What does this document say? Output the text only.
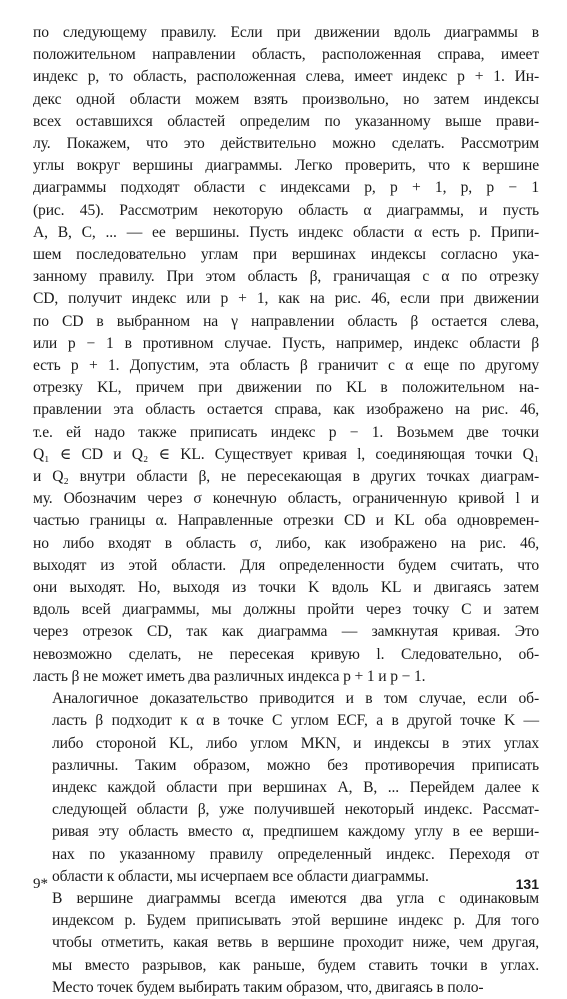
по следующему правилу. Если при движении вдоль диаграммы в
положительном направлении область, расположенная справа, имеет
индекс p, то область, расположенная слева, имеет индекс p + 1. Ин-
декс одной области можем взять произвольно, но затем индексы
всех оставшихся областей определим по указанному выше прави-
лу. Покажем, что это действительно можно сделать. Рассмотрим
углы вокруг вершины диаграммы. Легко проверить, что к вершине
диаграммы подходят области с индексами p, p + 1, p, p − 1
(рис. 45). Рассмотрим некоторую область α диаграммы, и пусть
A, B, C, ... — ее вершины. Пусть индекс области α есть p. Припи-
шем последовательно углам при вершинах индексы согласно ука-
занному правилу. При этом область β, граничащая с α по отрезку
CD, получит индекс или p + 1, как на рис. 46, если при движении
по CD в выбранном на γ направлении область β остается слева,
или p − 1 в противном случае. Пусть, например, индекс области β
есть p + 1. Допустим, эта область β граничит с α еще по другому
отрезку KL, причем при движении по KL в положительном на-
правлении эта область остается справа, как изображено на рис. 46,
т.е. ей надо также приписать индекс p − 1. Возьмем две точки
Q₁ ∈ CD и Q₂ ∈ KL. Существует кривая l, соединяющая точки Q₁
и Q₂ внутри области β, не пересекающая в других точках диаграм-
му. Обозначим через σ конечную область, ограниченную кривой l и
частью границы α. Направленные отрезки CD и KL оба одновремен-
но либо входят в область σ, либо, как изображено на рис. 46,
выходят из этой области. Для определенности будем считать, что
они выходят. Но, выходя из точки K вдоль KL и двигаясь затем
вдоль всей диаграммы, мы должны пройти через точку C и затем
через отрезок CD, так как диаграмма — замкнутая кривая. Это
невозможно сделать, не пересекая кривую l. Следовательно, об-
ласть β не может иметь два различных индекса p + 1 и p − 1.

Аналогичное доказательство приводится и в том случае, если об-
ласть β подходит к α в точке C углом ECF, а в другой точке K —
либо стороной KL, либо углом MKN, и индексы в этих углах
различны. Таким образом, можно без противоречия приписать
индекс каждой области при вершинах A, B, ... Перейдем далее к
следующей области β, уже получившей некоторый индекс. Рассмат-
ривая эту область вместо α, предпишем каждому углу в ее верши-
нах по указанному правилу определенный индекс. Переходя от
области к области, мы исчерпаем все области диаграммы.

В вершине диаграммы всегда имеются два угла с одинаковым
индексом p. Будем приписывать этой вершине индекс p. Для того
чтобы отметить, какая ветвь в вершине проходит ниже, чем другая,
мы вместо разрывов, как раньше, будем ставить точки в углах.
Место точек будем выбирать таким образом, что, двигаясь в поло-

9*	131
